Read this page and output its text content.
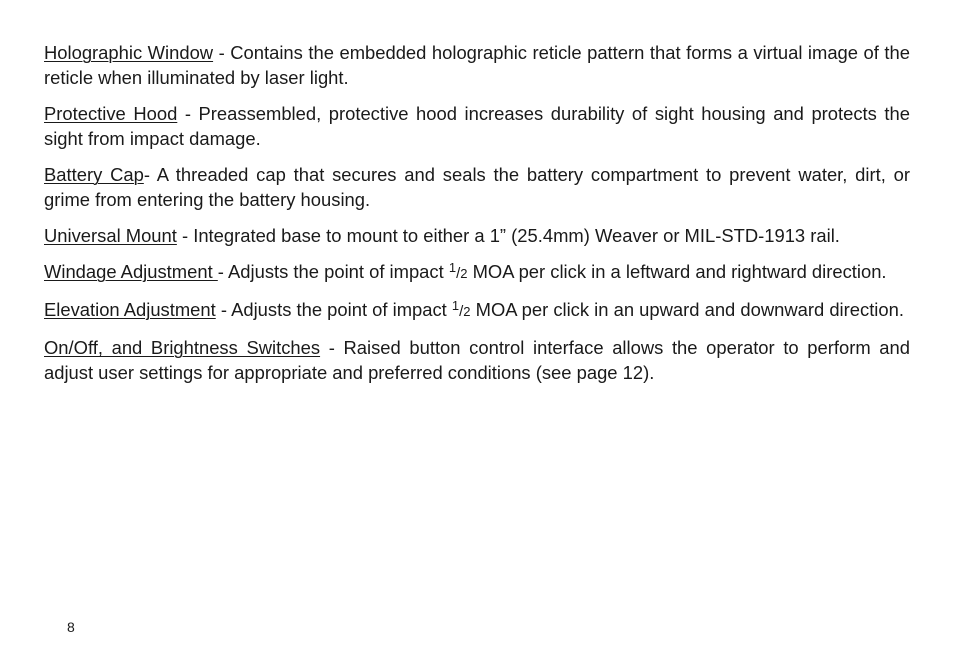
Holographic Window - Contains the embedded holographic reticle pattern that forms a virtual image of the reticle when illuminated by laser light.

Protective Hood - Preassembled, protective hood increases durability of sight housing and protects the sight from impact damage.

Battery Cap- A threaded cap that secures and seals the battery compartment to prevent water, dirt, or grime from entering the battery housing.

Universal Mount - Integrated base to mount to either a 1” (25.4mm) Weaver or MIL-STD-1913 rail.

Windage Adjustment - Adjusts the point of impact $^1$/2 MOA per click in a leftward and rightward direction.

Elevation Adjustment - Adjusts the point of impact $^1$/2 MOA per click in an upward and downward direction.

On/Off, and Brightness Switches - Raised button control interface allows the operator to perform and adjust user settings for appropriate and preferred conditions (see page 12).

8
